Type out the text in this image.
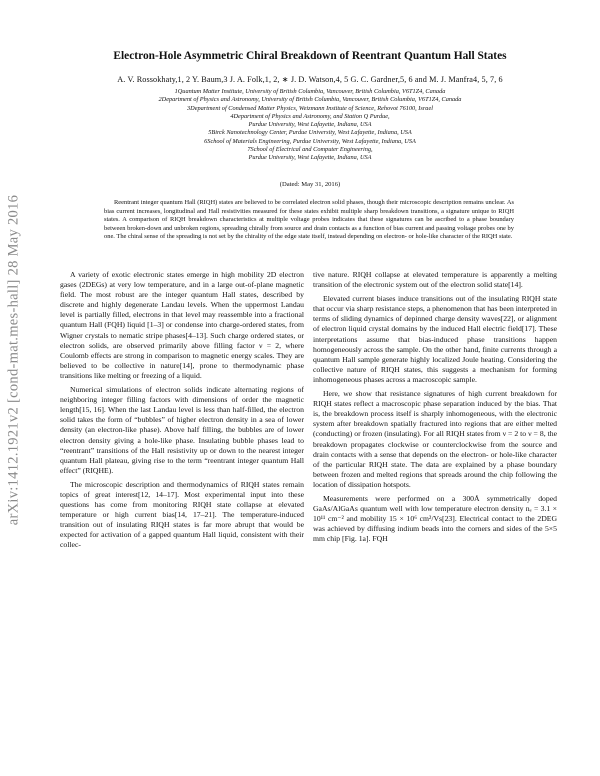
arXiv:1412.1921v2 [cond-mat.mes-hall] 28 May 2016
Electron-Hole Asymmetric Chiral Breakdown of Reentrant Quantum Hall States
A. V. Rossokhaty,1, 2 Y. Baum,3 J. A. Folk,1, 2, ∗ J. D. Watson,4, 5 G. C. Gardner,5, 6 and M. J. Manfra4, 5, 7, 6
1Quantum Matter Institute, University of British Columbia, Vancouver, British Columbia, V6T1Z4, Canada
2Department of Physics and Astronomy, University of British Columbia, Vancouver, British Columbia, V6T1Z4, Canada
3Department of Condensed Matter Physics, Weizmann Institute of Science, Rehovot 76100, Israel
4Department of Physics and Astronomy, and Station Q Purdue,
Purdue University, West Lafayette, Indiana, USA
5Birck Nanotechnology Center, Purdue University, West Lafayette, Indiana, USA
6School of Materials Engineering, Purdue University, West Lafayette, Indiana, USA
7School of Electrical and Computer Engineering,
Purdue University, West Lafayette, Indiana, USA
(Dated: May 31, 2016)

Reentrant integer quantum Hall (RIQH) states are believed to be correlated electron solid phases, though their microscopic description remains unclear. As bias current increases, longitudinal and Hall resistivities measured for these states exhibit multiple sharp breakdown transitions, a signature unique to RIQH states. A comparison of RIQH breakdown characteristics at multiple voltage probes indicates that these signatures can be ascribed to a phase boundary between broken-down and unbroken regions, spreading chirally from source and drain contacts as a function of bias current and passing voltage probes one by one. The chiral sense of the spreading is not set by the chirality of the edge state itself, instead depending on electron- or hole-like character of the RIQH state.

A variety of exotic electronic states emerge in high mobility 2D electron gases (2DEGs) at very low temperature, and in a large out-of-plane magnetic field. The most robust are the integer quantum Hall states, described by discrete and highly degenerate Landau levels. When the uppermost Landau level is partially filled, electrons in that level may reassemble into a fractional quantum Hall (FQH) liquid [1–3] or condense into charge-ordered states, from Wigner crystals to nematic stripe phases[4–13]. Such charge ordered states, or electron solids, are observed primarily above filling factor ν = 2, where Coulomb effects are strong in comparison to magnetic energy scales. They are believed to be collective in nature[14], prone to thermodynamic phase transitions like melting or freezing of a liquid.

Numerical simulations of electron solids indicate alternating regions of neighboring integer filling factors with dimensions of order the magnetic length[15, 16]. When the last Landau level is less than half-filled, the electron solid takes the form of “bubbles” of higher electron density in a sea of lower density (an electron-like phase). Above half filling, the bubbles are of lower electron density giving a hole-like phase. Insulating bubble phases lead to “reentrant” transitions of the Hall resistivity up or down to the nearest integer quantum Hall plateau, giving rise to the term “reentrant integer quantum Hall effect” (RIQHE).

The microscopic description and thermodynamics of RIQH states remain topics of great interest[12, 14–17]. Most experimental input into these questions has come from monitoring RIQH state collapse at elevated temperature or high current bias[14, 17–21]. The temperature-induced transition out of insulating RIQH states is far more abrupt that would be expected for activation of a gapped quantum Hall liquid, consistent with their collec-

tive nature. RIQH collapse at elevated temperature is apparently a melting transition of the electronic system out of the electron solid state[14].

Elevated current biases induce transitions out of the insulating RIQH state that occur via sharp resistance steps, a phenomenon that has been interpreted in terms of sliding dynamics of depinned charge density waves[22], or alignment of electron liquid crystal domains by the induced Hall electric field[17]. These interpretations assume that bias-induced phase transitions happen homogeneously across the sample. On the other hand, finite currents through a quantum Hall sample generate highly localized Joule heating. Considering the collective nature of RIQH states, this suggests a mechanism for forming inhomogeneous phases across a macroscopic sample.

Here, we show that resistance signatures of high current breakdown for RIQH states reflect a macroscopic phase separation induced by the bias. That is, the breakdown process itself is sharply inhomogeneous, with the electronic system after breakdown spatially fractured into regions that are either melted (conducting) or frozen (insulating). For all RIQH states from ν = 2 to ν = 8, the breakdown propagates clockwise or counterclockwise from the source and drain contacts with a sense that depends on the electron- or hole-like character of the particular RIQH state. The data are explained by a phase boundary between frozen and melted regions that spreads around the chip following the location of dissipation hotspots.

Measurements were performed on a 300Å symmetrically doped GaAs/AlGaAs quantum well with low temperature electron density nₑ = 3.1 × 10¹¹ cm⁻² and mobility 15 × 10⁶ cm²/Vs[23]. Electrical contact to the 2DEG was achieved by diffusing indium beads into the corners and sides of the 5×5 mm chip [Fig. 1a]. FQH
